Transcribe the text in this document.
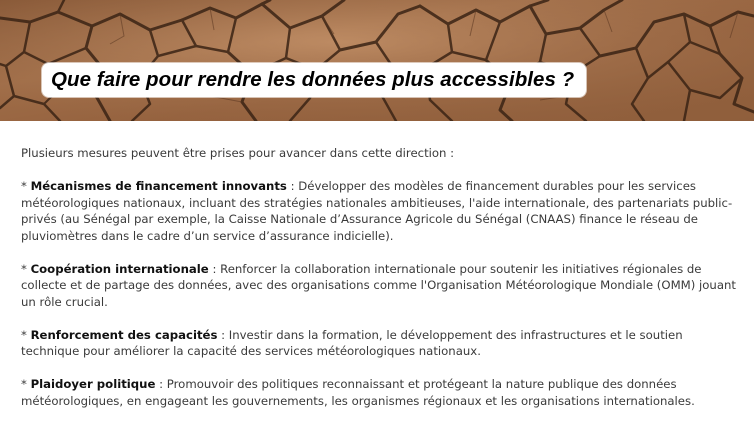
Que faire pour rendre les données plus accessibles ?

Plusieurs mesures peuvent être prises pour avancer dans cette direction :

* Mécanismes de financement innovants : Développer des modèles de financement durables pour les services météorologiques nationaux, incluant des stratégies nationales ambitieuses, l'aide internationale, des partenariats public-privés (au Sénégal par exemple, la Caisse Nationale d’Assurance Agricole du Sénégal (CNAAS) finance le réseau de pluviomètres dans le cadre d’un service d’assurance indicielle).

* Coopération internationale : Renforcer la collaboration internationale pour soutenir les initiatives régionales de collecte et de partage des données, avec des organisations comme l'Organisation Météorologique Mondiale (OMM) jouant un rôle crucial.

* Renforcement des capacités : Investir dans la formation, le développement des infrastructures et le soutien technique pour améliorer la capacité des services météorologiques nationaux.

* Plaidoyer politique : Promouvoir des politiques reconnaissant et protégeant la nature publique des données météorologiques, en engageant les gouvernements, les organismes régionaux et les organisations internationales.
